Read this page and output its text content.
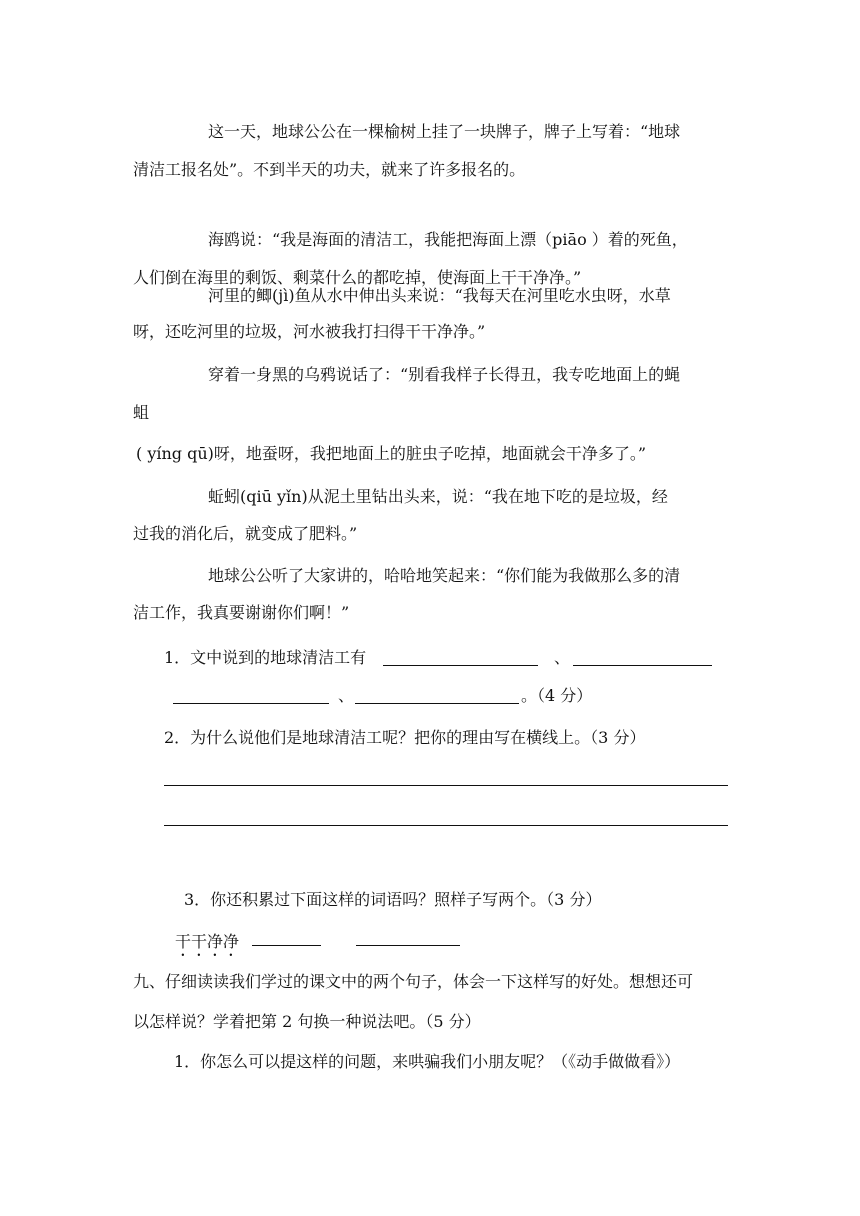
这一天，地球公公在一棵榆树上挂了一块牌子，牌子上写着：“地球
清洁工报名处”。不到半天的功夫，就来了许多报名的。
海鸥说：“我是海面的清洁工，我能把海面上漂（piāo ）着的死鱼，
人们倒在海里的剩饭、剩菜什么的都吃掉，使海面上干干净净。”
河里的鲫(jì)鱼从水中伸出头来说：“我每天在河里吃水虫呀，水草
呀，还吃河里的垃圾，河水被我打扫得干干净净。”
穿着一身黑的乌鸦说话了：“别看我样子长得丑，我专吃地面上的蝇
蛆
( yíng qū)呀，地蚕呀，我把地面上的脏虫子吃掉，地面就会干净多了。”
蚯蚓(qiū yǐn)从泥土里钻出头来，说：“我在地下吃的是垃圾，经
过我的消化后，就变成了肥料。”
地球公公听了大家讲的，哈哈地笑起来：“你们能为我做那么多的清
洁工作，我真要谢谢你们啊！”
1．文中说到的地球清洁工有	、
、	。（4 分）
2．为什么说他们是地球清洁工呢？把你的理由写在横线上。（3 分）
3．你还积累过下面这样的词语吗？照样子写两个。（3 分）
干干净净
九、仔细读读我们学过的课文中的两个句子，体会一下这样写的好处。想想还可
以怎样说？学着把第 2 句换一种说法吧。（5 分）
1．你怎么可以提这样的问题，来哄骗我们小朋友呢？（《动手做做看》）
